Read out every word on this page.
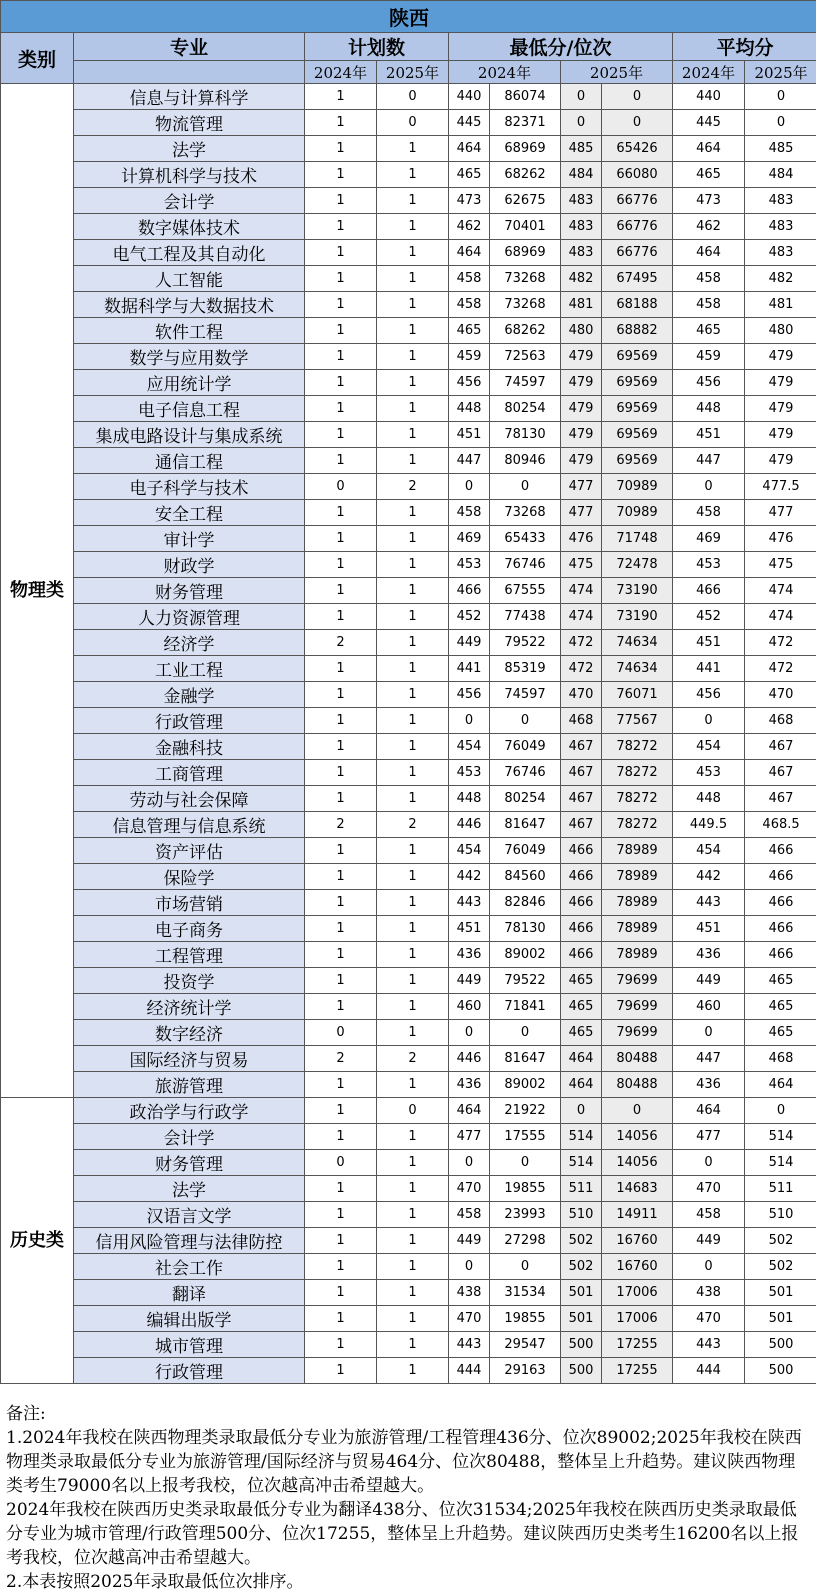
陕西									
类别	专业	计划数		最低分/位次				平均分	
		2024年	2025年	2024年		2025年		2024年	2025年
物理类	信息与计算科学	1	0	440	86074	0	0	440	0
	物流管理	1	0	445	82371	0	0	445	0
	法学	1	1	464	68969	485	65426	464	485
	计算机科学与技术	1	1	465	68262	484	66080	465	484
	会计学	1	1	473	62675	483	66776	473	483
	数字媒体技术	1	1	462	70401	483	66776	462	483
	电气工程及其自动化	1	1	464	68969	483	66776	464	483
	人工智能	1	1	458	73268	482	67495	458	482
	数据科学与大数据技术	1	1	458	73268	481	68188	458	481
	软件工程	1	1	465	68262	480	68882	465	480
	数学与应用数学	1	1	459	72563	479	69569	459	479
	应用统计学	1	1	456	74597	479	69569	456	479
	电子信息工程	1	1	448	80254	479	69569	448	479
	集成电路设计与集成系统	1	1	451	78130	479	69569	451	479
	通信工程	1	1	447	80946	479	69569	447	479
	电子科学与技术	0	2	0	0	477	70989	0	477.5
	安全工程	1	1	458	73268	477	70989	458	477
	审计学	1	1	469	65433	476	71748	469	476
	财政学	1	1	453	76746	475	72478	453	475
	财务管理	1	1	466	67555	474	73190	466	474
	人力资源管理	1	1	452	77438	474	73190	452	474
	经济学	2	1	449	79522	472	74634	451	472
	工业工程	1	1	441	85319	472	74634	441	472
	金融学	1	1	456	74597	470	76071	456	470
	行政管理	1	1	0	0	468	77567	0	468
	金融科技	1	1	454	76049	467	78272	454	467
	工商管理	1	1	453	76746	467	78272	453	467
	劳动与社会保障	1	1	448	80254	467	78272	448	467
	信息管理与信息系统	2	2	446	81647	467	78272	449.5	468.5
	资产评估	1	1	454	76049	466	78989	454	466
	保险学	1	1	442	84560	466	78989	442	466
	市场营销	1	1	443	82846	466	78989	443	466
	电子商务	1	1	451	78130	466	78989	451	466
	工程管理	1	1	436	89002	466	78989	436	466
	投资学	1	1	449	79522	465	79699	449	465
	经济统计学	1	1	460	71841	465	79699	460	465
	数字经济	0	1	0	0	465	79699	0	465
	国际经济与贸易	2	2	446	81647	464	80488	447	468
	旅游管理	1	1	436	89002	464	80488	436	464
历史类	政治学与行政学	1	0	464	21922	0	0	464	0
	会计学	1	1	477	17555	514	14056	477	514
	财务管理	0	1	0	0	514	14056	0	514
	法学	1	1	470	19855	511	14683	470	511
	汉语言文学	1	1	458	23993	510	14911	458	510
	信用风险管理与法律防控	1	1	449	27298	502	16760	449	502
	社会工作	1	1	0	0	502	16760	0	502
	翻译	1	1	438	31534	501	17006	438	501
	编辑出版学	1	1	470	19855	501	17006	470	501
	城市管理	1	1	443	29547	500	17255	443	500
	行政管理	1	1	444	29163	500	17255	444	500
备注:
1.2024年我校在陕西物理类录取最低分专业为旅游管理/工程管理436分、位次89002;2025年我校在陕西物理类录取最低分专业为旅游管理/国际经济与贸易464分、位次80488，整体呈上升趋势。建议陕西物理类考生79000名以上报考我校，位次越高冲击希望越大。
2024年我校在陕西历史类录取最低分专业为翻译438分、位次31534;2025年我校在陕西历史类录取最低分专业为城市管理/行政管理500分、位次17255，整体呈上升趋势。建议陕西历史类考生16200名以上报考我校，位次越高冲击希望越大。
2.本表按照2025年录取最低位次排序。
